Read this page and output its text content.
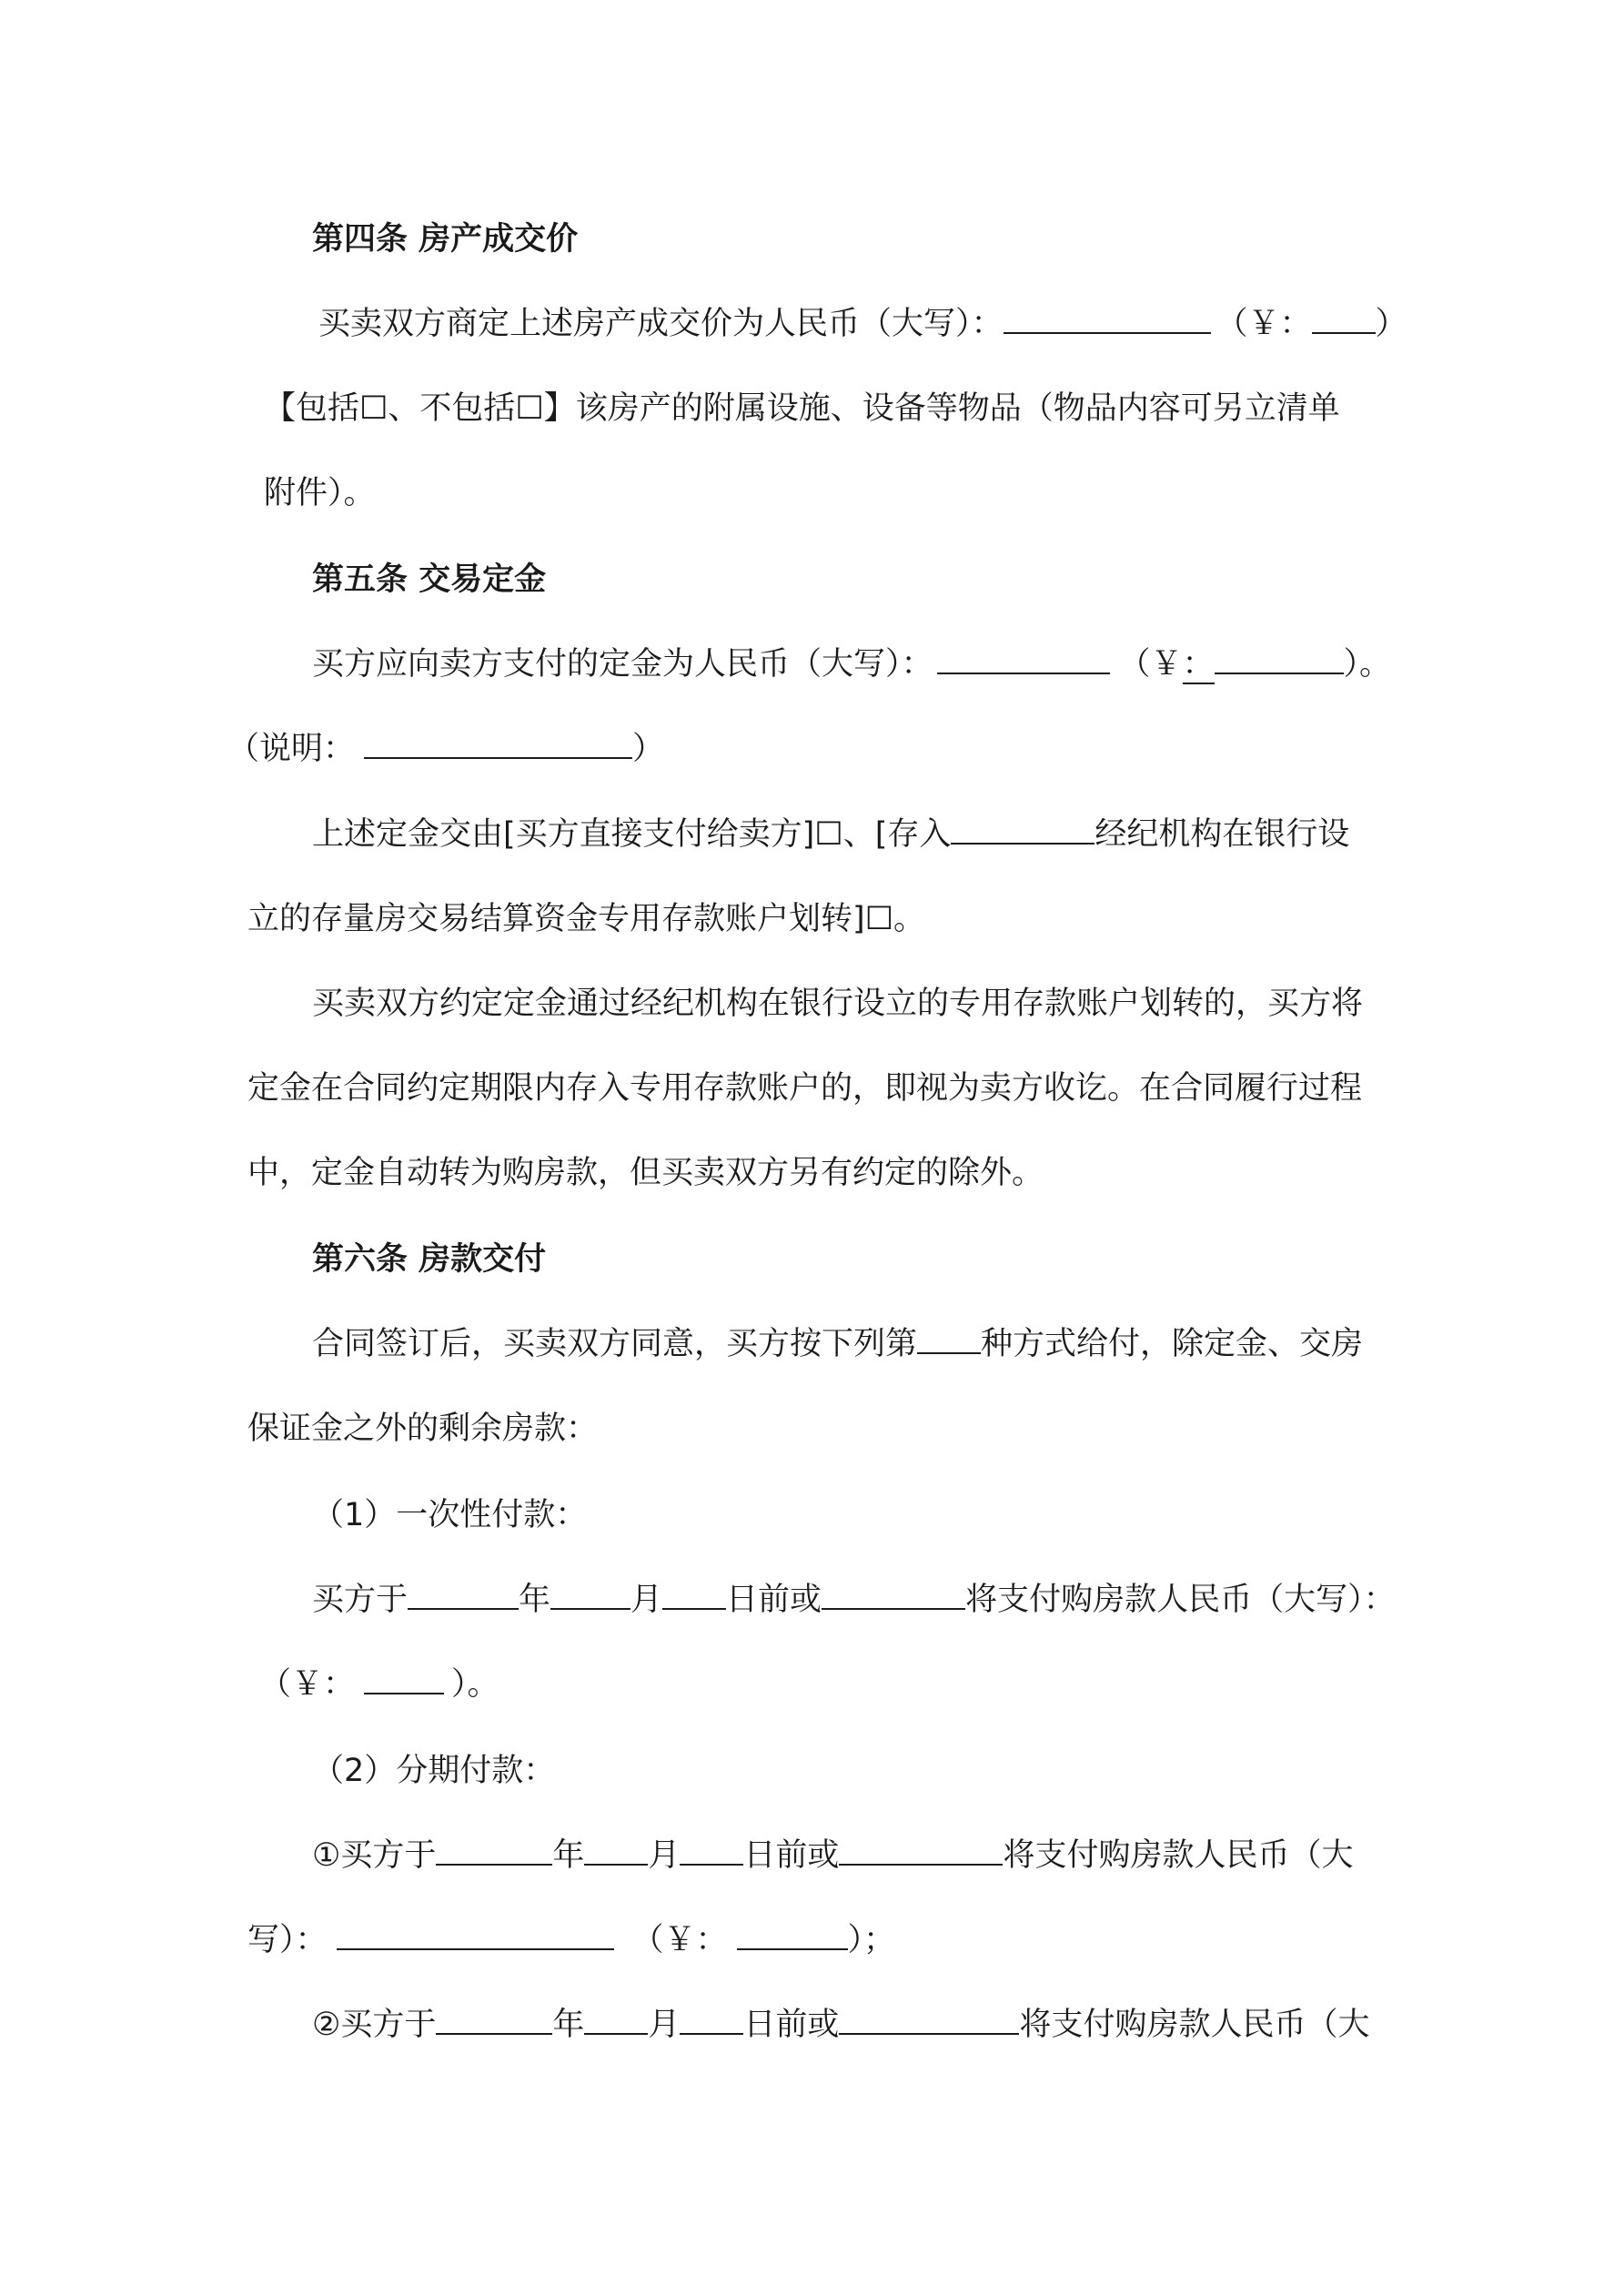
第四条 房产成交价

买卖双方商定上述房产成交价为人民币（大写）：	（￥： ）

【包括☐、不包括☐】该房产的附属设施、设备等物品（物品内容可另立清单

附件）。

第五条 交易定金

买方应向卖方支付的定金为人民币（大写）：	（￥：	）。

（说明：	）

上述定金交由[买方直接支付给卖方]☐、[存入	经纪机构在银行设

立的存量房交易结算资金专用存款账户划转]☐。

买卖双方约定定金通过经纪机构在银行设立的专用存款账户划转的，买方将

定金在合同约定期限内存入专用存款账户的，即视为卖方收讫。在合同履行过程

中，定金自动转为购房款，但买卖双方另有约定的除外。

第六条 房款交付

合同签订后，买卖双方同意，买方按下列第 种方式给付，除定金、交房

保证金之外的剩余房款：

（1）一次性付款：

买方于	年	月 日前或	将支付购房款人民币（大写）：

（￥：	）。

（2）分期付款：

①买方于	年 月 日前或	将支付购房款人民币（大

写）：	（￥：	）；

②买方于	年 月 日前或	将支付购房款人民币（大
